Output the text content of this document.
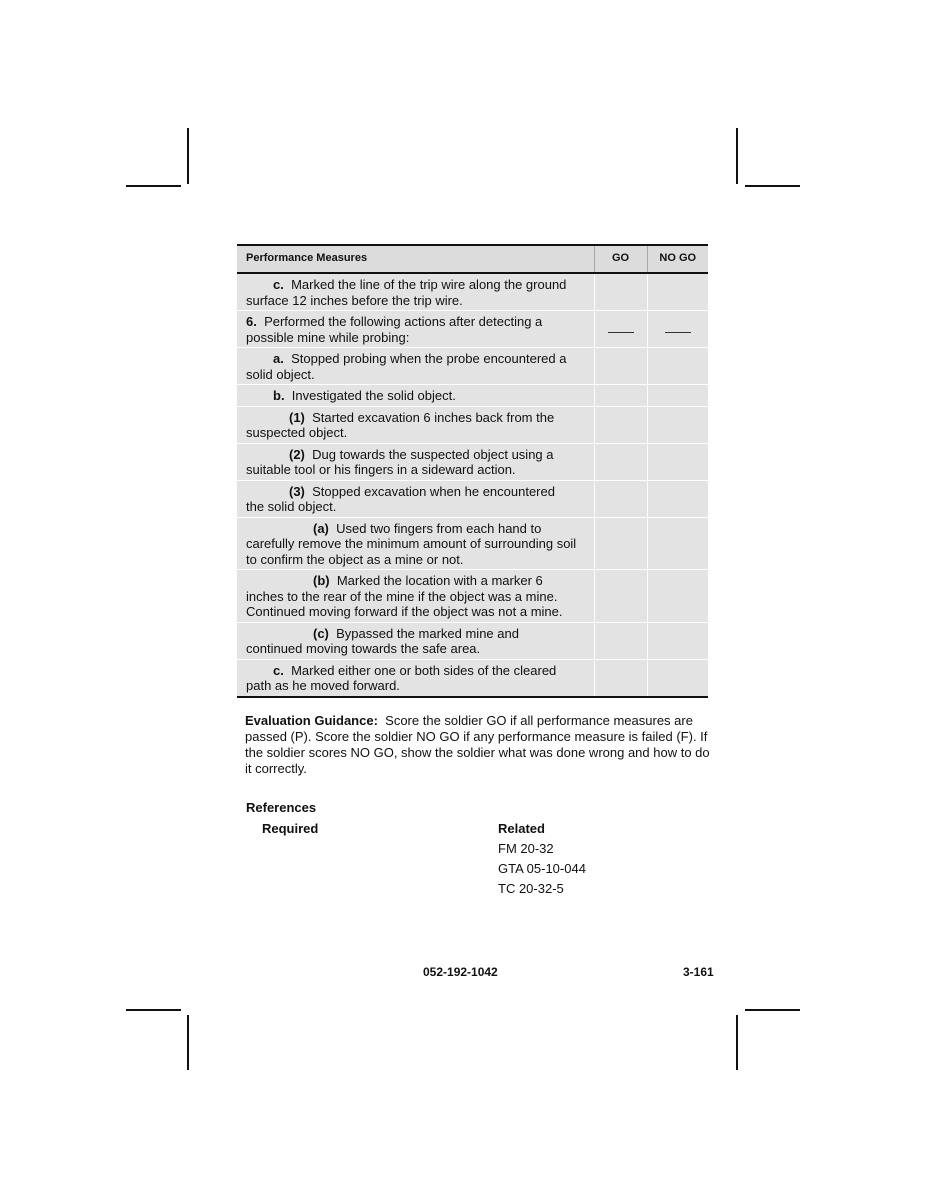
Performance Measures	GO	NO GO
c. Marked the line of the trip wire along the ground
surface 12 inches before the trip wire.		
6. Performed the following actions after detecting a
possible mine while probing:		
a. Stopped probing when the probe encountered a
solid object.		
b. Investigated the solid object.		
(1) Started excavation 6 inches back from the
suspected object.		
(2) Dug towards the suspected object using a
suitable tool or his fingers in a sideward action.		
(3) Stopped excavation when he encountered
the solid object.		
(a) Used two fingers from each hand to
carefully remove the minimum amount of surrounding soil to confirm the object as a mine or not.		
(b) Marked the location with a marker 6
inches to the rear of the mine if the object was a mine. Continued moving forward if the object was not a mine.		
(c) Bypassed the marked mine and
continued moving towards the safe area.		
c. Marked either one or both sides of the cleared
path as he moved forward.		

Evaluation Guidance: Score the soldier GO if all performance measures are passed (P). Score the soldier NO GO if any performance measure is failed (F). If the soldier scores NO GO, show the soldier what was done wrong and how to do it correctly.

References

Required	Related

FM 20-32

GTA 05-10-044

TC 20-32-5

052-192-1042	3-161
